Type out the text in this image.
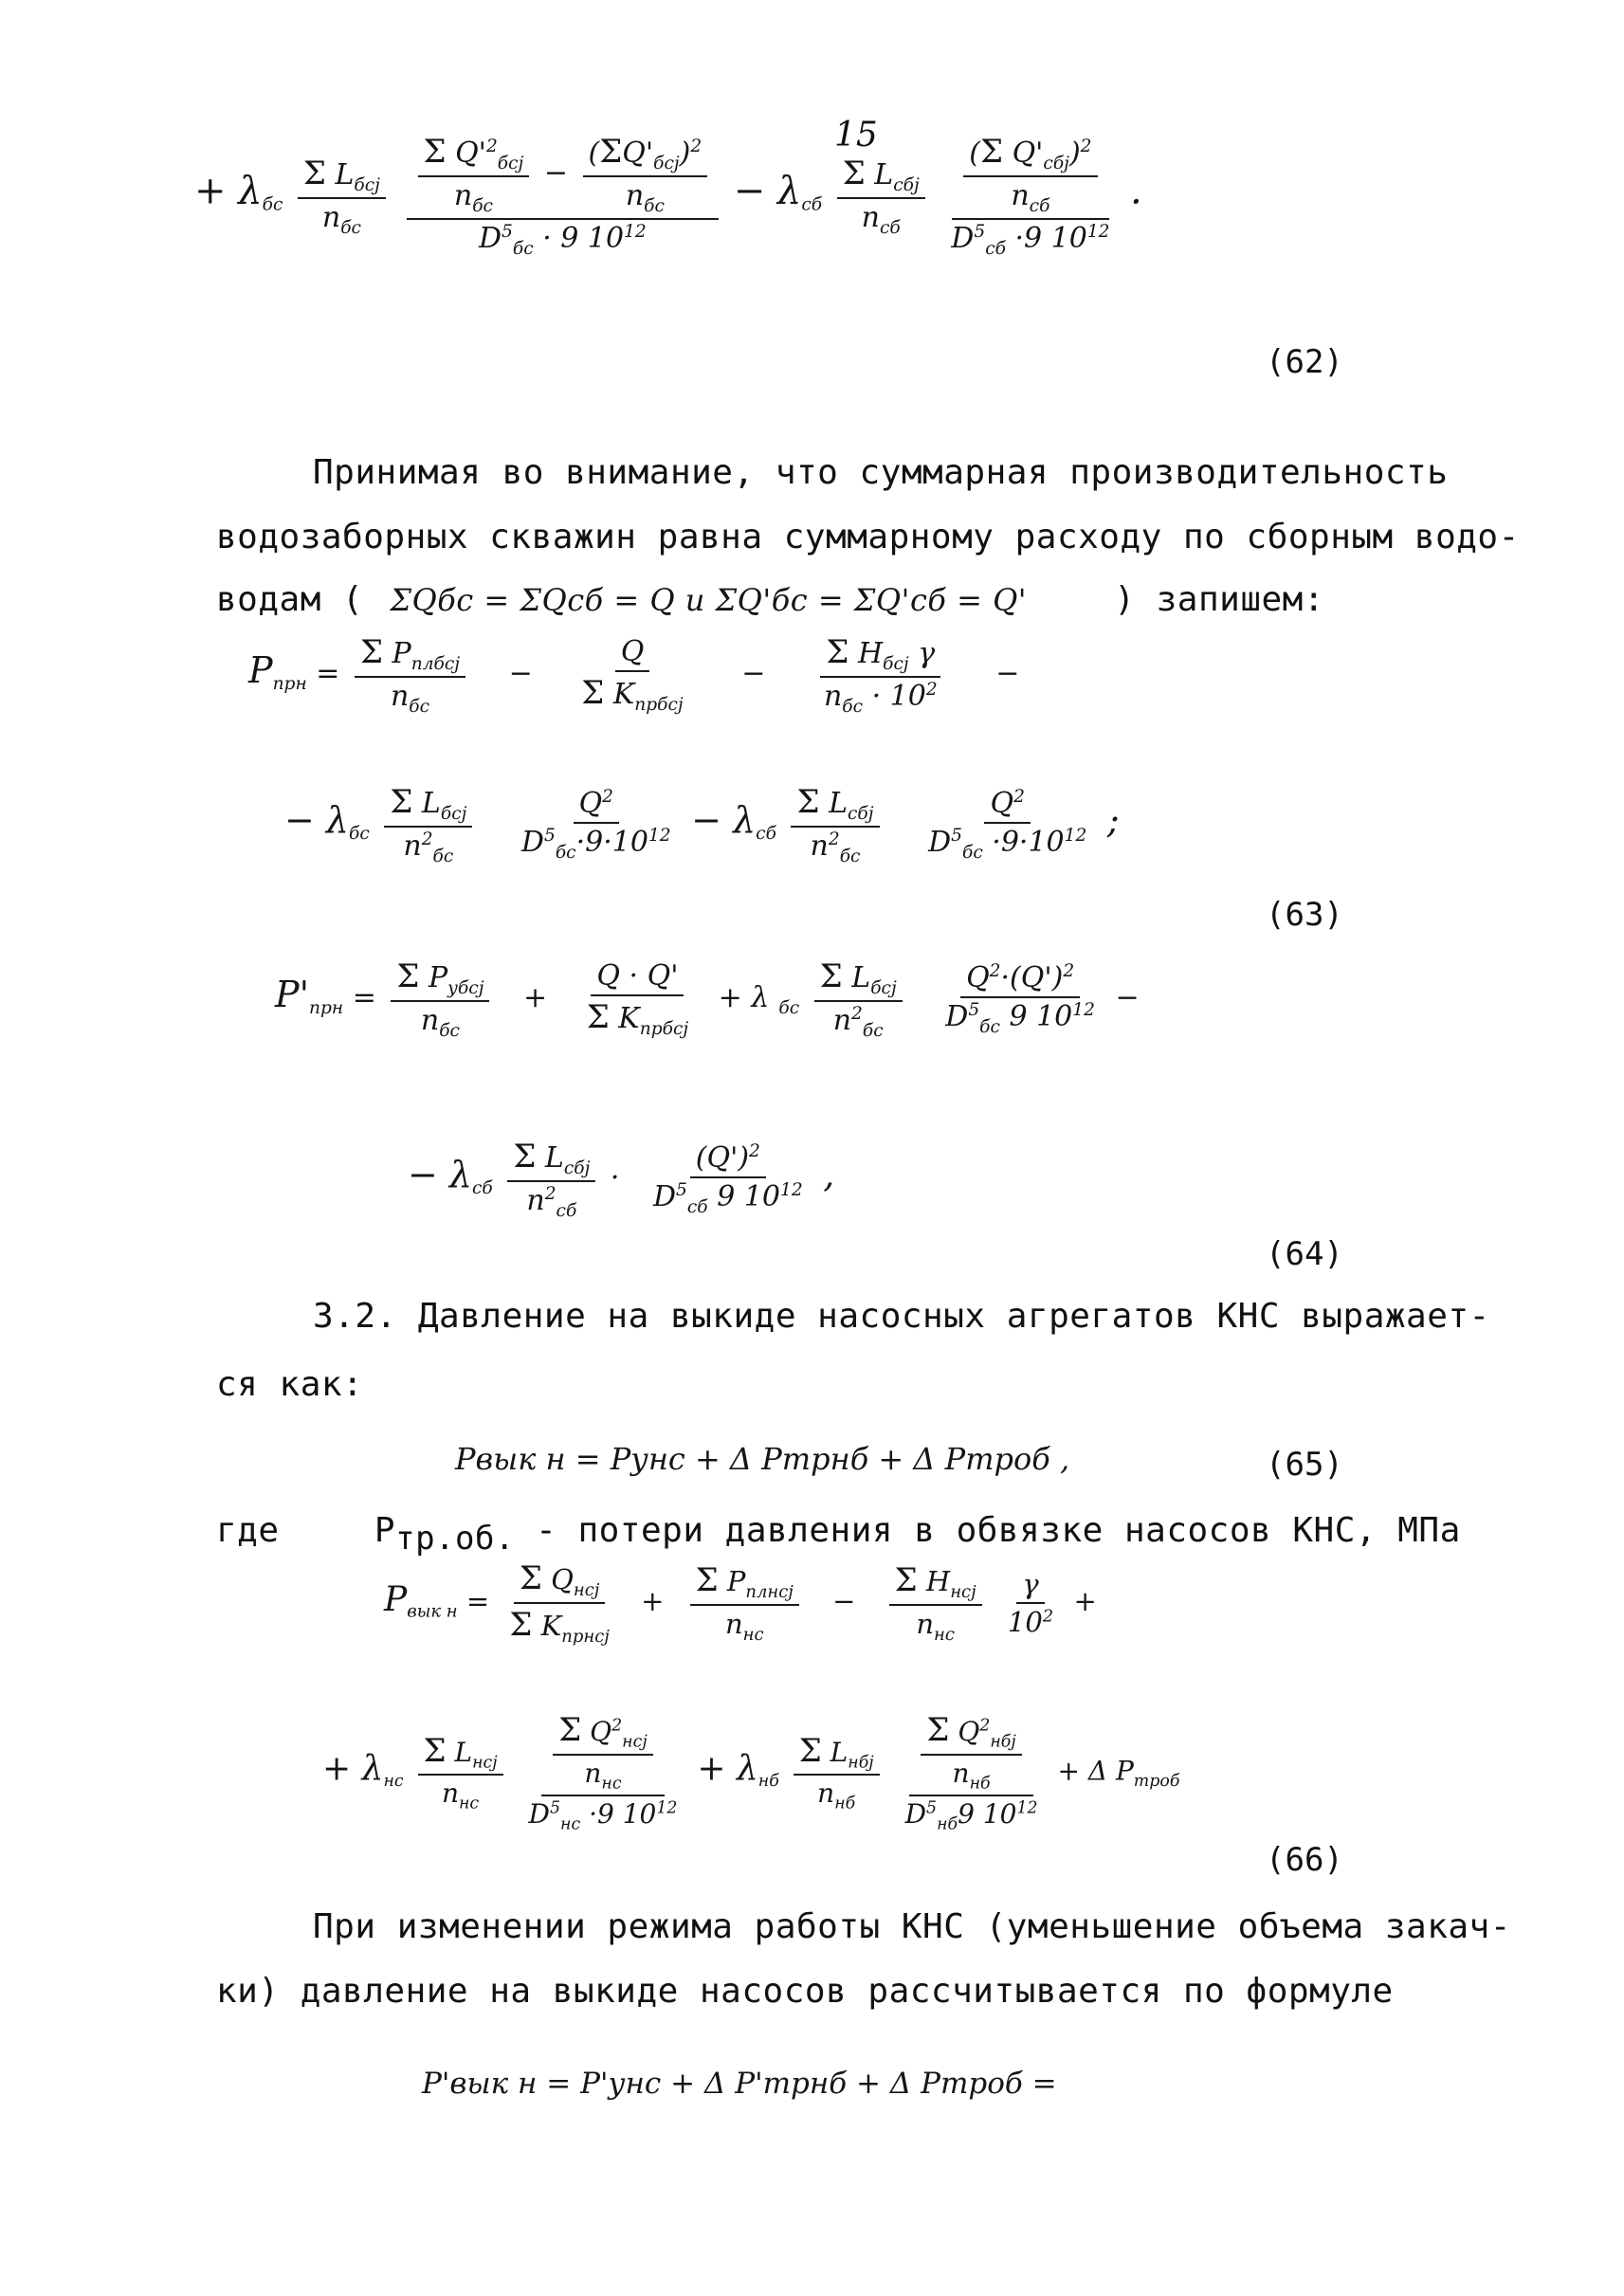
15
+ $\lambda_{бс} \frac{\Sigma L_{бсj}}{n_{бс}}$
$\frac{\frac{\Sigma Q'^2_{бсj}}{n_{бс}} - \frac{(\Sigma Q'_{бсj})^2}{n_{бс}}}{D^5_{бс} \cdot 9 10^{12}} - \lambda_{сб} \frac{\Sigma L_{сбj}}{n_{сб}}$
$\frac{\frac{(\Sigma Q'_{сбj})^2}{n_{сб}}}{D^5_{сб} \cdot 9 10^{12}}$ .
(62)
Принимая во внимание, что суммарная производительность
водозаборных скважин равна суммарному расходу по сборным водо-
водам ( ΣQбс = ΣQсб = Q и ΣQ'бс = ΣQ'сб = Q'	) запишем:
$P_{прн} = \frac{\Sigma P_{плбсj}}{n_{бс}} - \frac{Q}{\Sigma K_{прбсj}} - \frac{\Sigma H_{бсj} \gamma}{n_{бс} \cdot 10^2}$ −
− $\lambda_{бс} \frac{\Sigma L_{бсj}}{n^2_{бс}}$
$\frac{Q^2}{D^5_{бс}\cdot 9\cdot 10^{12}} - \lambda_{сб} \frac{\Sigma L_{сбj}}{n^2_{бс}}$
$\frac{Q^2}{D^5_{бс} \cdot 9\cdot 10^{12}}$ ;
(63)
$P'_{прн} = \frac{\Sigma P_{убсj}}{n_{бс}} + \frac{Q \cdot Q'}{\Sigma K_{прбсj}} + \lambda$ $_{бс} \frac{\Sigma L_{бсj}}{n^2_{бс}}$
$\frac{Q^2\cdot(Q')^2}{D^5_{бс} 9 10^{12}}$ −
− $\lambda_{сб} \frac{\Sigma L_{сбj}}{n^2_{сб}} \cdot \frac{(Q')^2}{D^5_{сб} 9 10^{12}}$ ,
(64)
3.2. Давление на выкиде насосных агрегатов КНС выражает-
ся как:
Pвык н = Pунс + Δ Pтрнб + Δ Pтроб ,	(65)
где	$P_{тр.об.}$ - потери давления в обвязке насосов КНС, МПа
$P_{вык н} = \frac{\Sigma Q_{нсj}}{\Sigma K_{прнсj}} + \frac{\Sigma P_{плнсj}}{n_{нс}} - \frac{\Sigma H_{нсj}}{n_{нс}}$
$\frac{\gamma}{10^2}$ +
+ $\lambda_{нс} \frac{\Sigma L_{нсj}}{n_{нс}}$
$\frac{\frac{\Sigma Q^2_{нсj}}{n_{нс}}}{D^5_{нс} \cdot 9 10^{12}} + \lambda_{нб} \frac{\Sigma L_{нбj}}{n_{нб}}$
$\frac{\frac{\Sigma Q^2_{нбj}}{n_{нб}}}{D^5_{нб}9 10^{12}} + \Delta$ $P_{троб}$
(66)
При изменении режима работы КНС (уменьшение объема закач-
ки) давление на выкиде насосов рассчитывается по формуле
P'вык н = P'унс + Δ P'трнб + Δ Pтроб =
